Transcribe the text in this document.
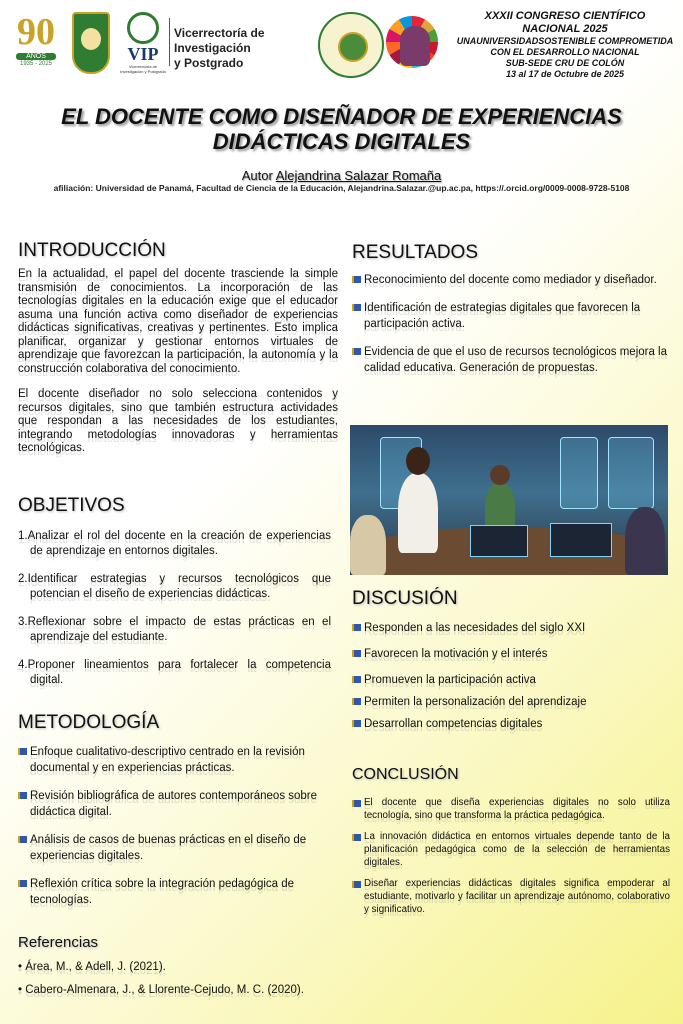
90
AÑOS
1935 - 2025	VIP
Vicerrectoría de Investigación y Postgrado
Vicerrectoría de Investigación
y Postgrado
XXXII CONGRESO CIENTÍFICO
NACIONAL 2025
UNAUNIVERSIDADSOSTENIBLE COMPROMETIDA CON EL DESARROLLO NACIONAL
SUB-SEDE CRU DE COLÓN
13 al 17 de Octubre de 2025
EL DOCENTE COMO DISEÑADOR DE EXPERIENCIAS
DIDÁCTICAS DIGITALES
Autor Alejandrina Salazar Romaña
afiliación: Universidad de Panamá, Facultad de Ciencia de la Educación, Alejandrina.Salazar.@up.ac.pa, https://.orcid.org/0009-0008-9728-5108
INTRODUCCIÓN

En la actualidad, el papel del docente trasciende la simple transmisión de conocimientos. La incorporación de las tecnologías digitales en la educación exige que el educador asuma una función activa como diseñador de experiencias didácticas significativas, creativas y pertinentes. Esto implica planificar, organizar y gestionar entornos virtuales de aprendizaje que favorezcan la participación, la autonomía y la construcción colaborativa del conocimiento.

El docente diseñador no solo selecciona contenidos y recursos digitales, sino que también estructura actividades que respondan a las necesidades de los estudiantes, integrando metodologías innovadoras y herramientas tecnológicas.

OBJETIVOS
1.Analizar el rol del docente en la creación de experiencias de aprendizaje en entornos digitales.
2.Identificar estrategias y recursos tecnológicos que potencian el diseño de experiencias didácticas.
3.Reflexionar sobre el impacto de estas prácticas en el aprendizaje del estudiante.
4.Proponer lineamientos para fortalecer la competencia digital.
METODOLOGÍA
Enfoque cualitativo-descriptivo centrado en la revisión documental y en experiencias prácticas.
Revisión bibliográfica de autores contemporáneos sobre didáctica digital.
Análisis de casos de buenas prácticas en el diseño de experiencias digitales.
Reflexión crítica sobre la integración pedagógica de tecnologías.
Referencias
• Área, M., & Adell, J. (2021).
• Cabero-Almenara, J., & Llorente-Cejudo, M. C. (2020).
RESULTADOS
Reconocimiento del docente como mediador y diseñador.
Identificación de estrategias digitales que favorecen la participación activa.
Evidencia de que el uso de recursos tecnológicos mejora la calidad educativa. Generación de propuestas.
DISCUSIÓN
Responden a las necesidades del siglo XXI
Favorecen la motivación y el interés
Promueven la participación activa
Permiten la personalización del aprendizaje
Desarrollan competencias digitales
CONCLUSIÓN
El docente que diseña experiencias digitales no solo utiliza tecnología, sino que transforma la práctica pedagógica.
La innovación didáctica en entornos virtuales depende tanto de la planificación pedagógica como de la selección de herramientas digitales.
Diseñar experiencias didácticas digitales significa empoderar al estudiante, motivarlo y facilitar un aprendizaje autónomo, colaborativo y significativo.
